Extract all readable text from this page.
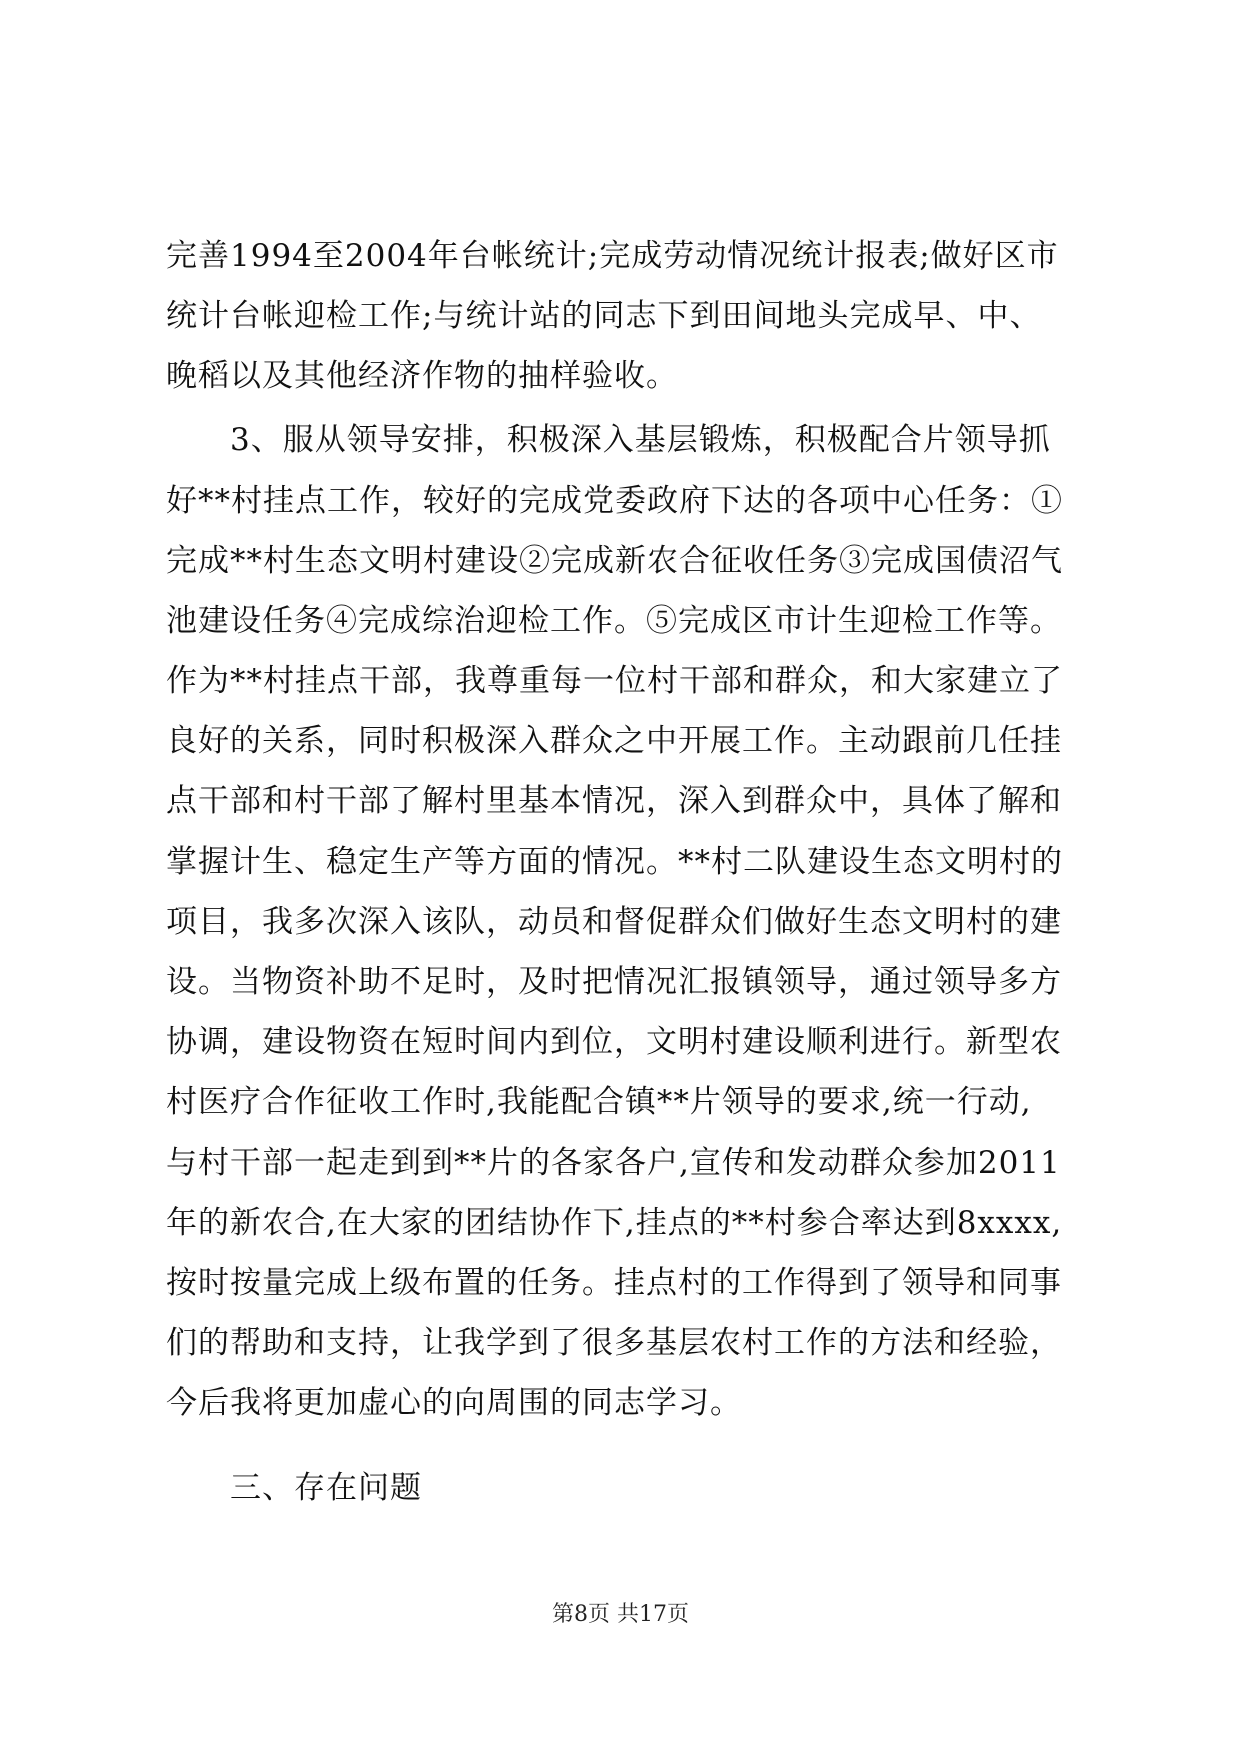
完善1994至2004年台帐统计;完成劳动情况统计报表;做好区市
统计台帐迎检工作;与统计站的同志下到田间地头完成早、中、
晚稻以及其他经济作物的抽样验收。
3、服从领导安排，积极深入基层锻炼，积极配合片领导抓
好**村挂点工作，较好的完成党委政府下达的各项中心任务：①
完成**村生态文明村建设②完成新农合征收任务③完成国债沼气
池建设任务④完成综治迎检工作。⑤完成区市计生迎检工作等。
作为**村挂点干部，我尊重每一位村干部和群众，和大家建立了
良好的关系，同时积极深入群众之中开展工作。主动跟前几任挂
点干部和村干部了解村里基本情况，深入到群众中，具体了解和
掌握计生、稳定生产等方面的情况。**村二队建设生态文明村的
项目，我多次深入该队，动员和督促群众们做好生态文明村的建
设。当物资补助不足时，及时把情况汇报镇领导，通过领导多方
协调，建设物资在短时间内到位，文明村建设顺利进行。新型农
村医疗合作征收工作时,我能配合镇**片领导的要求,统一行动,
与村干部一起走到到**片的各家各户,宣传和发动群众参加2011
年的新农合,在大家的团结协作下,挂点的**村参合率达到8xxxx,
按时按量完成上级布置的任务。挂点村的工作得到了领导和同事
们的帮助和支持，让我学到了很多基层农村工作的方法和经验，
今后我将更加虚心的向周围的同志学习。
三、存在问题
第8页 共17页
